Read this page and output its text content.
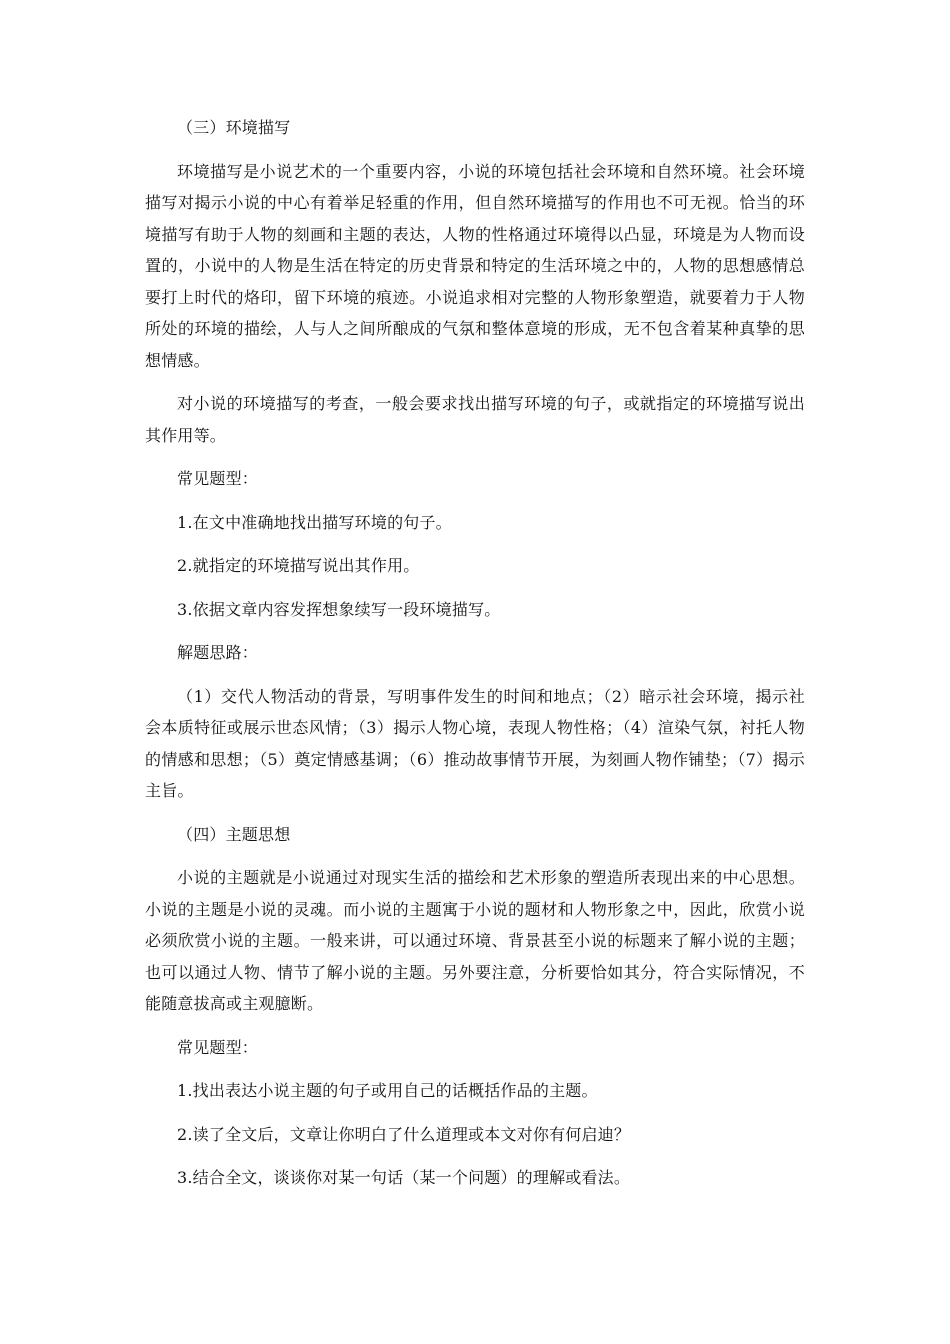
（三）环境描写

环境描写是小说艺术的一个重要内容，小说的环境包括社会环境和自然环境。社会环境描写对揭示小说的中心有着举足轻重的作用，但自然环境描写的作用也不可无视。恰当的环境描写有助于人物的刻画和主题的表达，人物的性格通过环境得以凸显，环境是为人物而设置的，小说中的人物是生活在特定的历史背景和特定的生活环境之中的，人物的思想感情总要打上时代的烙印，留下环境的痕迹。小说追求相对完整的人物形象塑造，就要着力于人物所处的环境的描绘，人与人之间所酿成的气氛和整体意境的形成，无不包含着某种真挚的思想情感。

对小说的环境描写的考查，一般会要求找出描写环境的句子，或就指定的环境描写说出其作用等。

常见题型：

1.在文中准确地找出描写环境的句子。

2.就指定的环境描写说出其作用。

3.依据文章内容发挥想象续写一段环境描写。

解题思路：

（1）交代人物活动的背景，写明事件发生的时间和地点；（2）暗示社会环境，揭示社会本质特征或展示世态风情；（3）揭示人物心境，表现人物性格；（4）渲染气氛，衬托人物的情感和思想；（5）奠定情感基调；（6）推动故事情节开展，为刻画人物作铺垫；（7）揭示主旨。

（四）主题思想

小说的主题就是小说通过对现实生活的描绘和艺术形象的塑造所表现出来的中心思想。小说的主题是小说的灵魂。而小说的主题寓于小说的题材和人物形象之中，因此，欣赏小说必须欣赏小说的主题。一般来讲，可以通过环境、背景甚至小说的标题来了解小说的主题；也可以通过人物、情节了解小说的主题。另外要注意，分析要恰如其分，符合实际情况，不能随意拔高或主观臆断。

常见题型：

1.找出表达小说主题的句子或用自己的话概括作品的主题。

2.读了全文后，文章让你明白了什么道理或本文对你有何启迪？

3.结合全文，谈谈你对某一句话（某一个问题）的理解或看法。
